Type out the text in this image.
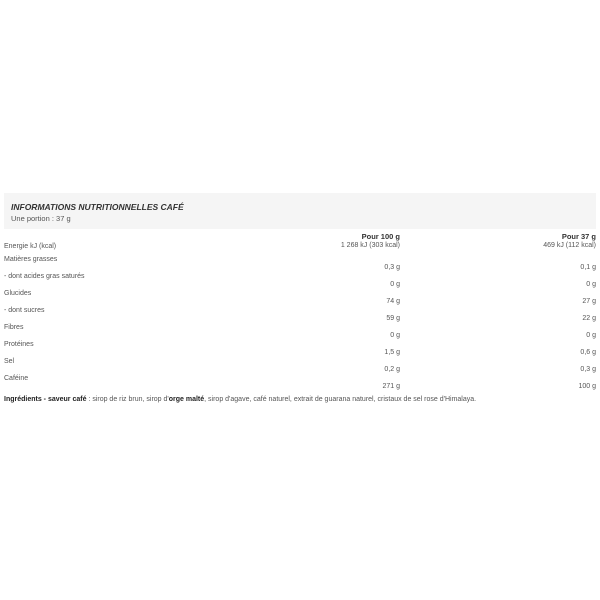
INFORMATIONS NUTRITIONNELLES CAFÉ
Une portion : 37 g
	Pour 100 g	Pour 37 g
Energie kJ (kcal)	1 268 kJ (303 kcal)	469 kJ (112 kcal)
Matières grasses	0,3 g	0,1 g
- dont acides gras saturés	0 g	0 g
Glucides	74 g	27 g
- dont sucres	59 g	22 g
Fibres	0 g	0 g
Protéines	1,5 g	0,6 g
Sel	0,2 g	0,3 g
Caféine	271 g	100 g
Ingrédients - saveur café : sirop de riz brun, sirop d'orge malté, sirop d'agave, café naturel, extrait de guarana naturel, cristaux de sel rose d'Himalaya.
